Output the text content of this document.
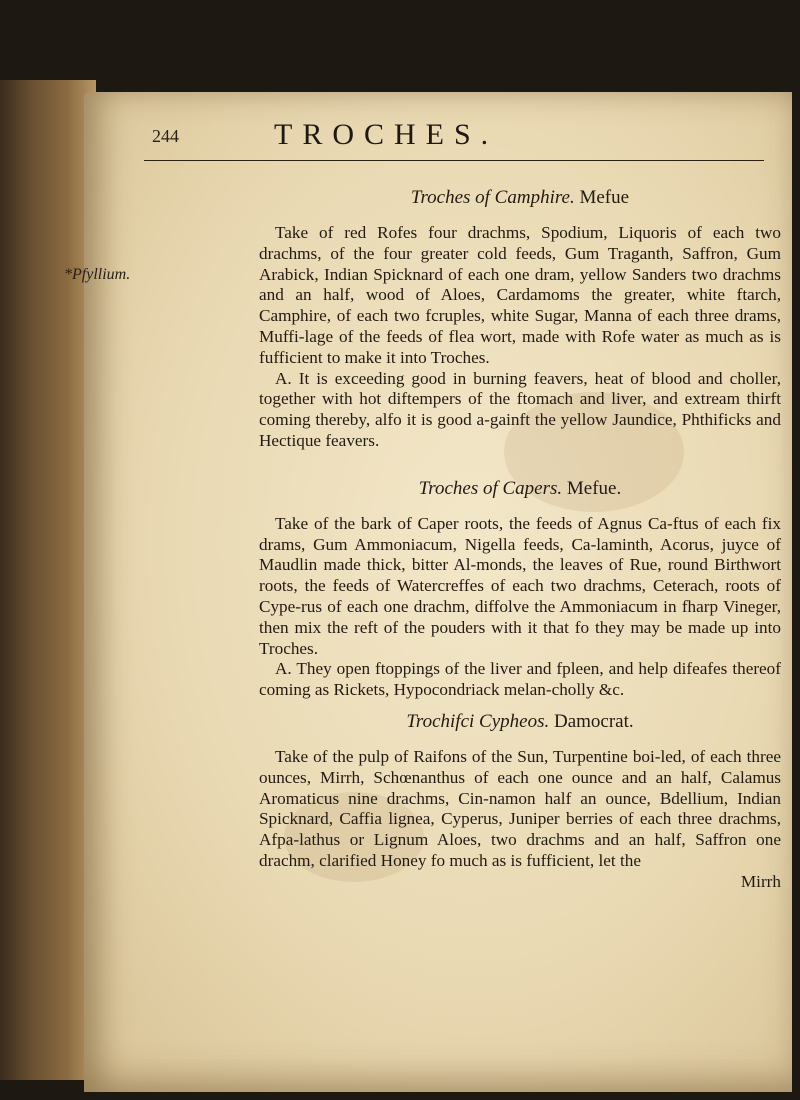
244	TROCHES.
*Pfyllium.

Troches of Camphire. Mefue

Take of red Rofes four drachms, Spodium, Liquoris of each two drachms, of the four greater cold feeds, Gum Traganth, Saffron, Gum Arabick, Indian Spicknard of each one dram, yellow Sanders two drachms and an half, wood of Aloes, Cardamoms the greater, white ftarch, Camphire, of each two fcruples, white Sugar, Manna of each three drams, Muffi-lage of the feeds of flea wort, made with Rofe water as much as is fufficient to make it into Troches.

A. It is exceeding good in burning feavers, heat of blood and choller, together with hot diftempers of the ftomach and liver, and extream thirft coming thereby, alfo it is good a-gainft the yellow Jaundice, Phthificks and Hectique feavers.

Troches of Capers. Mefue.

Take of the bark of Caper roots, the feeds of Agnus Ca-ftus of each fix drams, Gum Ammoniacum, Nigella feeds, Ca-laminth, Acorus, juyce of Maudlin made thick, bitter Al-monds, the leaves of Rue, round Birthwort roots, the feeds of Watercreffes of each two drachms, Ceterach, roots of Cype-rus of each one drachm, diffolve the Ammoniacum in fharp Vineger, then mix the reft of the pouders with it that fo they may be made up into Troches.

A. They open ftoppings of the liver and fpleen, and help difeafes thereof coming as Rickets, Hypocondriack melan-cholly &c.

Trochifci Cypheos. Damocrat.

Take of the pulp of Raifons of the Sun, Turpentine boi-led, of each three ounces, Mirrh, Schœnanthus of each one ounce and an half, Calamus Aromaticus nine drachms, Cin-namon half an ounce, Bdellium, Indian Spicknard, Caffia lignea, Cyperus, Juniper berries of each three drachms, Afpa-lathus or Lignum Aloes, two drachms and an half, Saffron one drachm, clarified Honey fo much as is fufficient, let the

Mirrh
